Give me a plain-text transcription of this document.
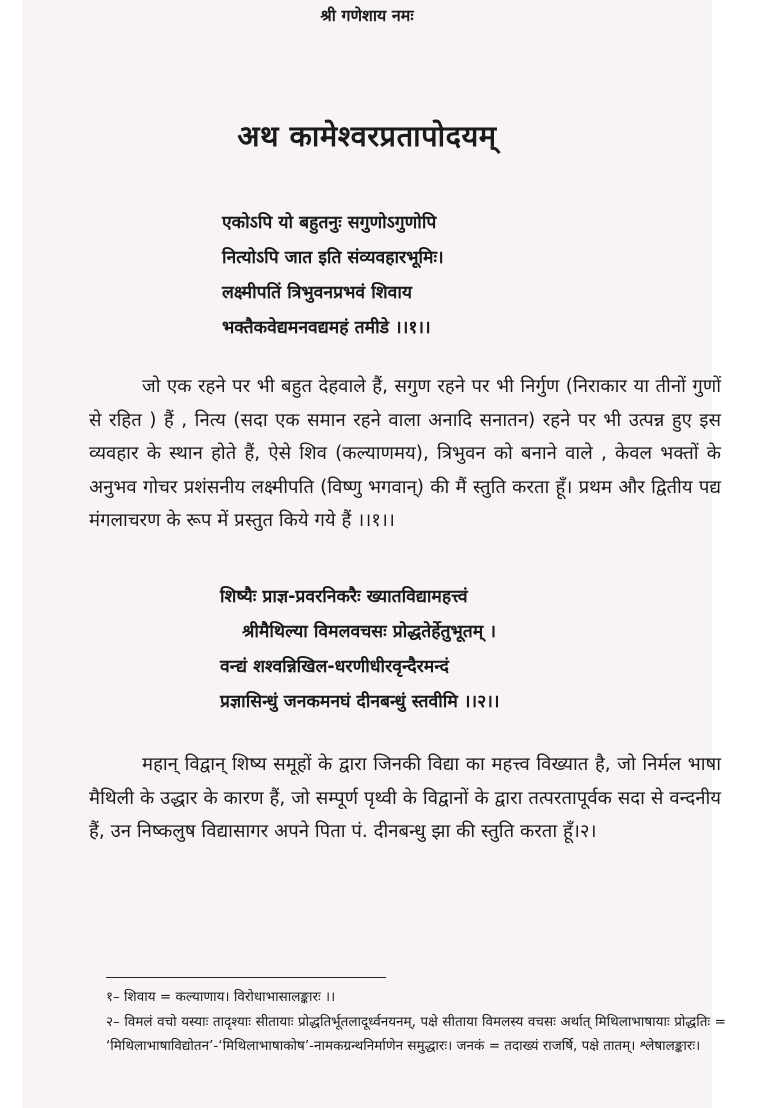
श्री गणेशाय नमः
अथ कामेश्वरप्रतापोदयम्
एकोऽपि यो बहुतनुः सगुणोऽगुणोपि
नित्योऽपि जात इति संव्यवहारभूमिः।
लक्ष्मीपतिं त्रिभुवनप्रभवं शिवाय
भक्तैकवेद्यमनवद्यमहं तमीडे ।।१।।

जो एक रहने पर भी बहुत देहवाले हैं, सगुण रहने पर भी निर्गुण (निराकार या तीनों गुणों से रहित ) हैं , नित्य (सदा एक समान रहने वाला अनादि सनातन) रहने पर भी उत्पन्न हुए इस व्यवहार के स्थान होते हैं, ऐसे शिव (कल्याणमय), त्रिभुवन को बनाने वाले , केवल भक्तों के अनुभव गोचर प्रशंसनीय लक्ष्मीपति (विष्णु भगवान्) की मैं स्तुति करता हूँ। प्रथम और द्वितीय पद्य मंगलाचरण के रूप में प्रस्तुत किये गये हैं ।।१।।

शिष्यैः प्राज्ञ-प्रवरनिकरैः ख्यातविद्यामहत्त्वं
श्रीमैथिल्या विमलवचसः प्रोद्धतेर्हेतुभूतम् ।
वन्द्यं शश्वन्निखिल-धरणीधीरवृन्दैरमन्दं
प्रज्ञासिन्धुं जनकमनघं दीनबन्धुं स्तवीमि ।।२।।

महान् विद्वान् शिष्य समूहों के द्वारा जिनकी विद्या का महत्त्व विख्यात है, जो निर्मल भाषा मैथिली के उद्धार के कारण हैं, जो सम्पूर्ण पृथ्वी के विद्वानों के द्वारा तत्परतापूर्वक सदा से वन्दनीय हैं, उन निष्कलुष विद्यासागर अपने पिता पं. दीनबन्धु झा की स्तुति करता हूँ।२।

१– शिवाय = कल्याणाय। विरोधाभासालङ्कारः ।।
२– विमलं वचो यस्याः तादृश्याः सीतायाः प्रोद्धतिर्भूतलादूर्ध्वनयनम्, पक्षे सीताया विमलस्य वचसः अर्थात् मिथिलाभाषायाः प्रोद्धतिः = ‘मिथिलाभाषाविद्योतन’-‘मिथिलाभाषाकोष’-नामकग्रन्थनिर्माणेन समुद्धारः। जनकं = तदाख्यं राजर्षि, पक्षे तातम्। श्लेषालङ्कारः।
